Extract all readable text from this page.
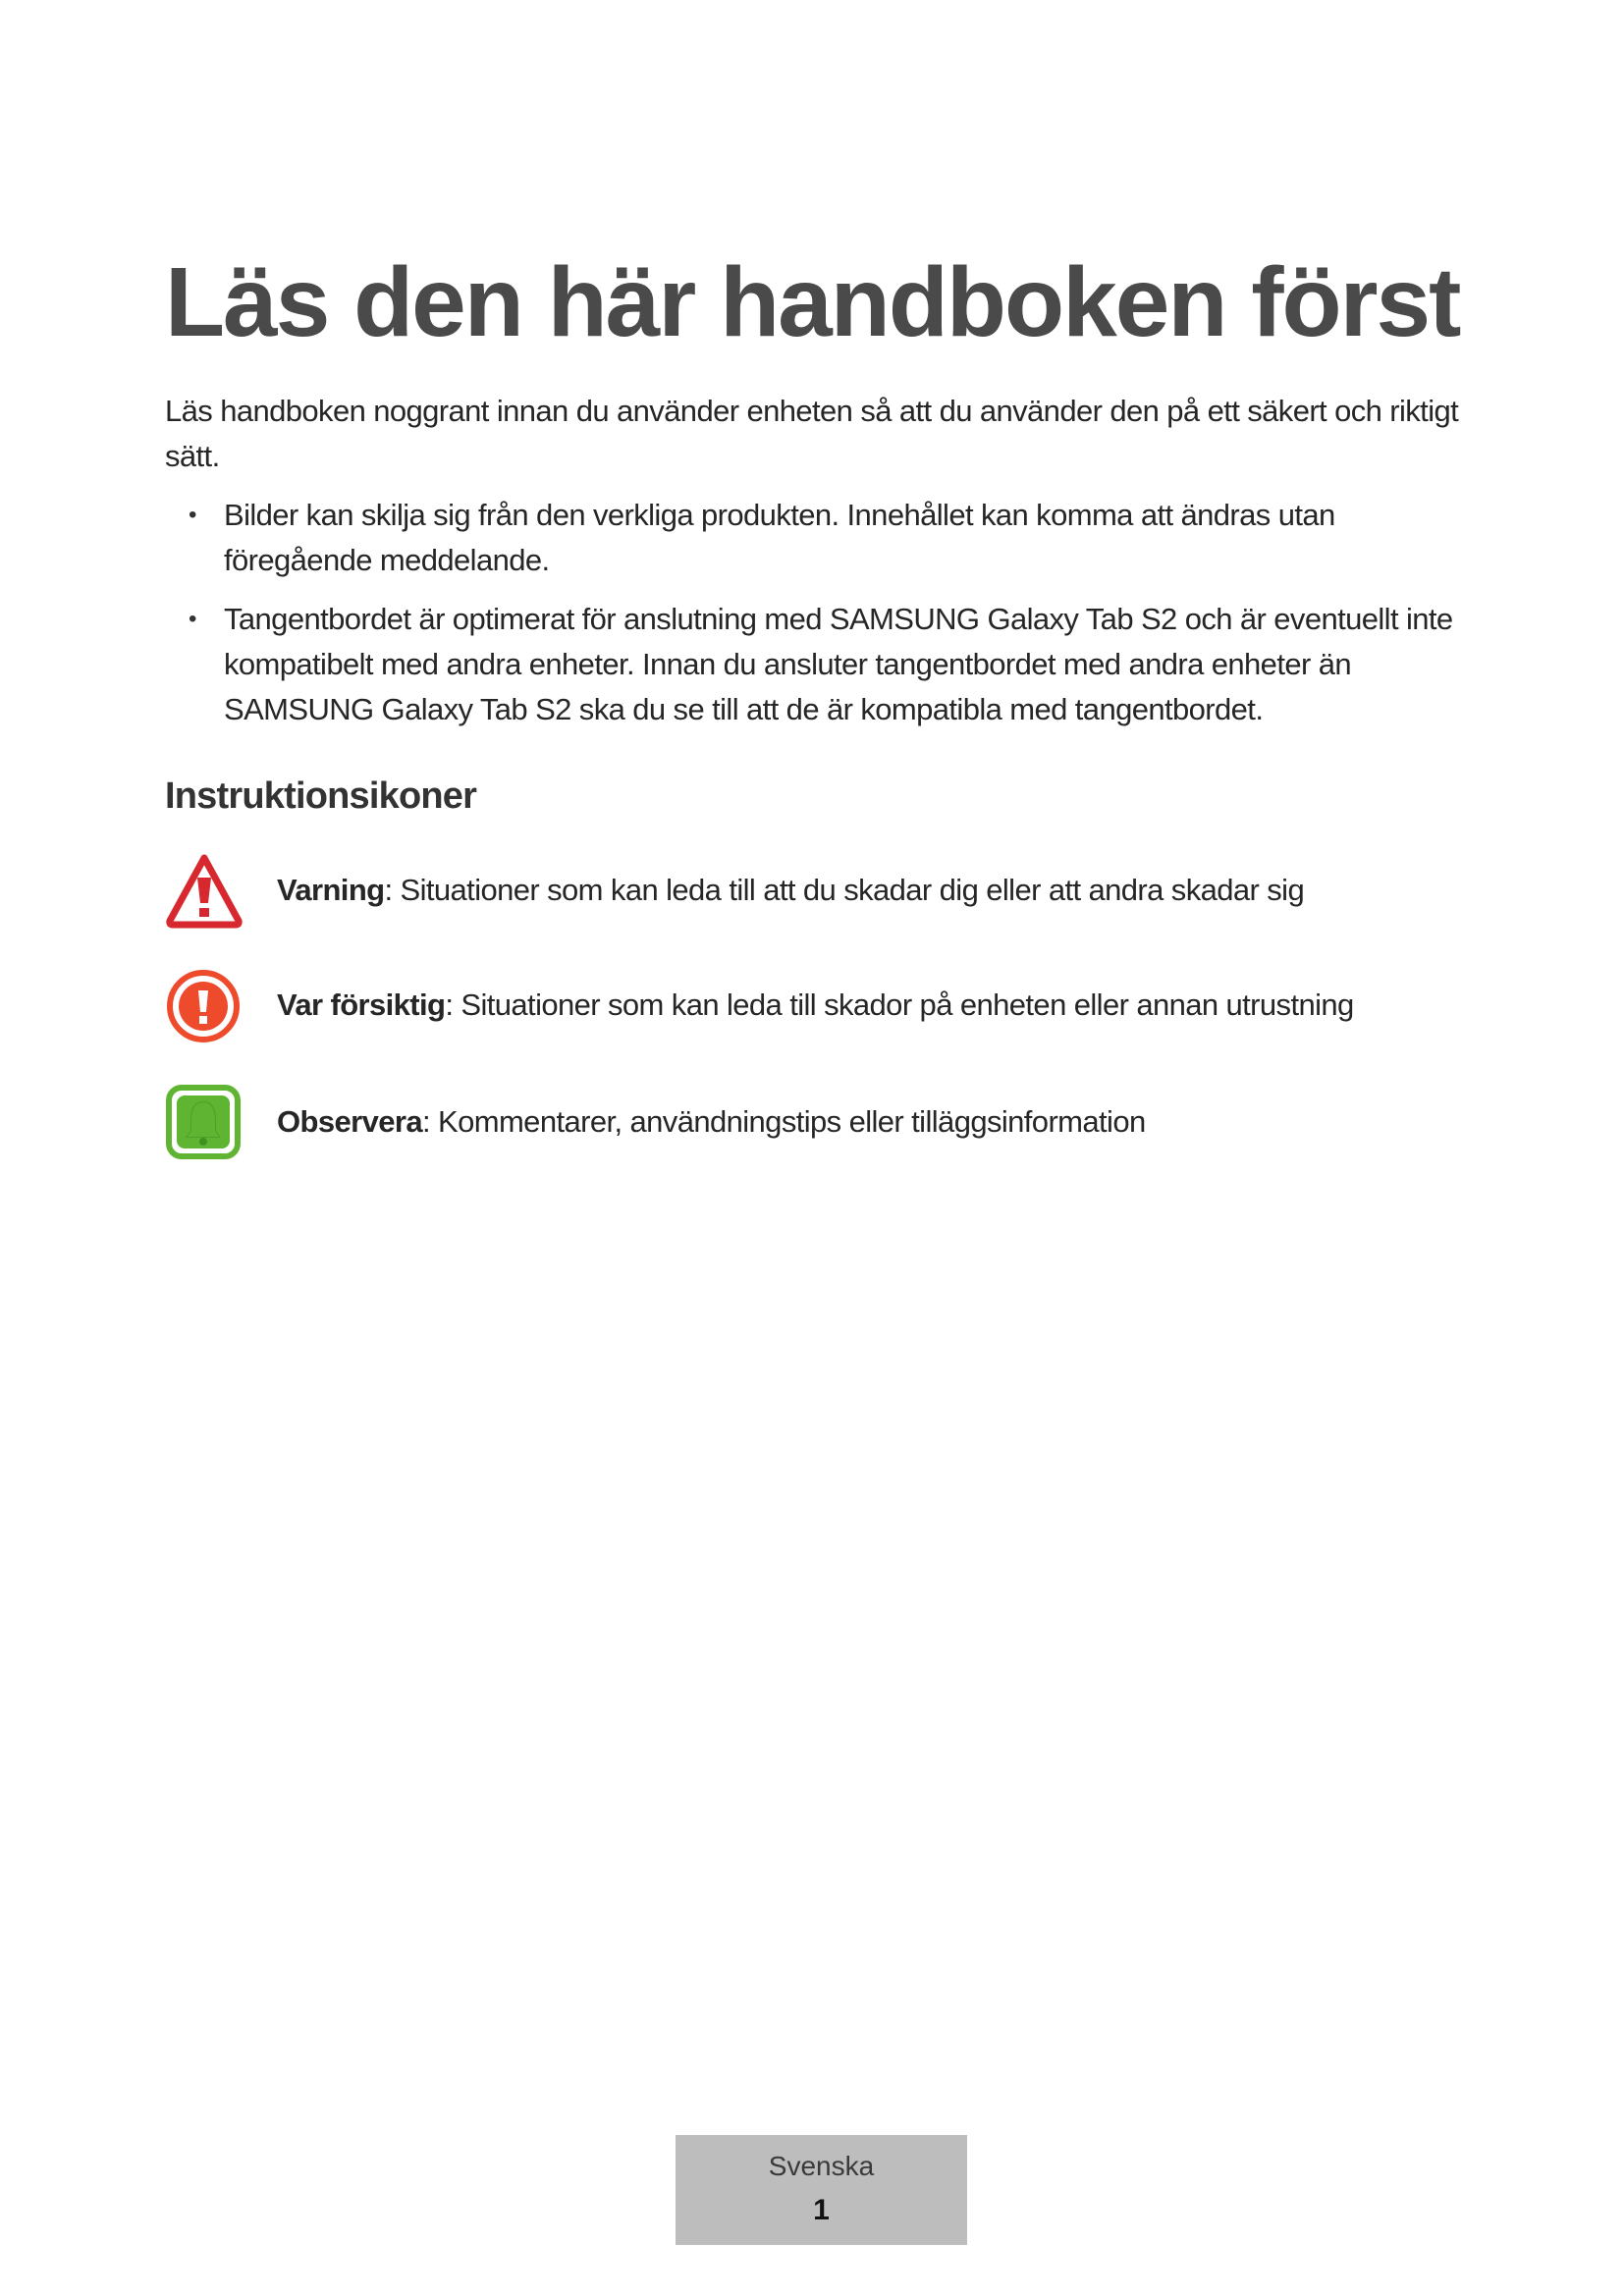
Läs den här handboken först

Läs handboken noggrant innan du använder enheten så att du använder den på ett säkert och riktigt sätt.

• Bilder kan skilja sig från den verkliga produkten. Innehållet kan komma att ändras utan föregående meddelande.
• Tangentbordet är optimerat för anslutning med SAMSUNG Galaxy Tab S2 och är eventuellt inte kompatibelt med andra enheter. Innan du ansluter tangentbordet med andra enheter än SAMSUNG Galaxy Tab S2 ska du se till att de är kompatibla med tangentbordet.
Instruktionsikoner
Varning: Situationer som kan leda till att du skadar dig eller att andra skadar sig
Var försiktig: Situationer som kan leda till skador på enheten eller annan utrustning
Observera: Kommentarer, användningstips eller tilläggsinformation
Svenska
1
